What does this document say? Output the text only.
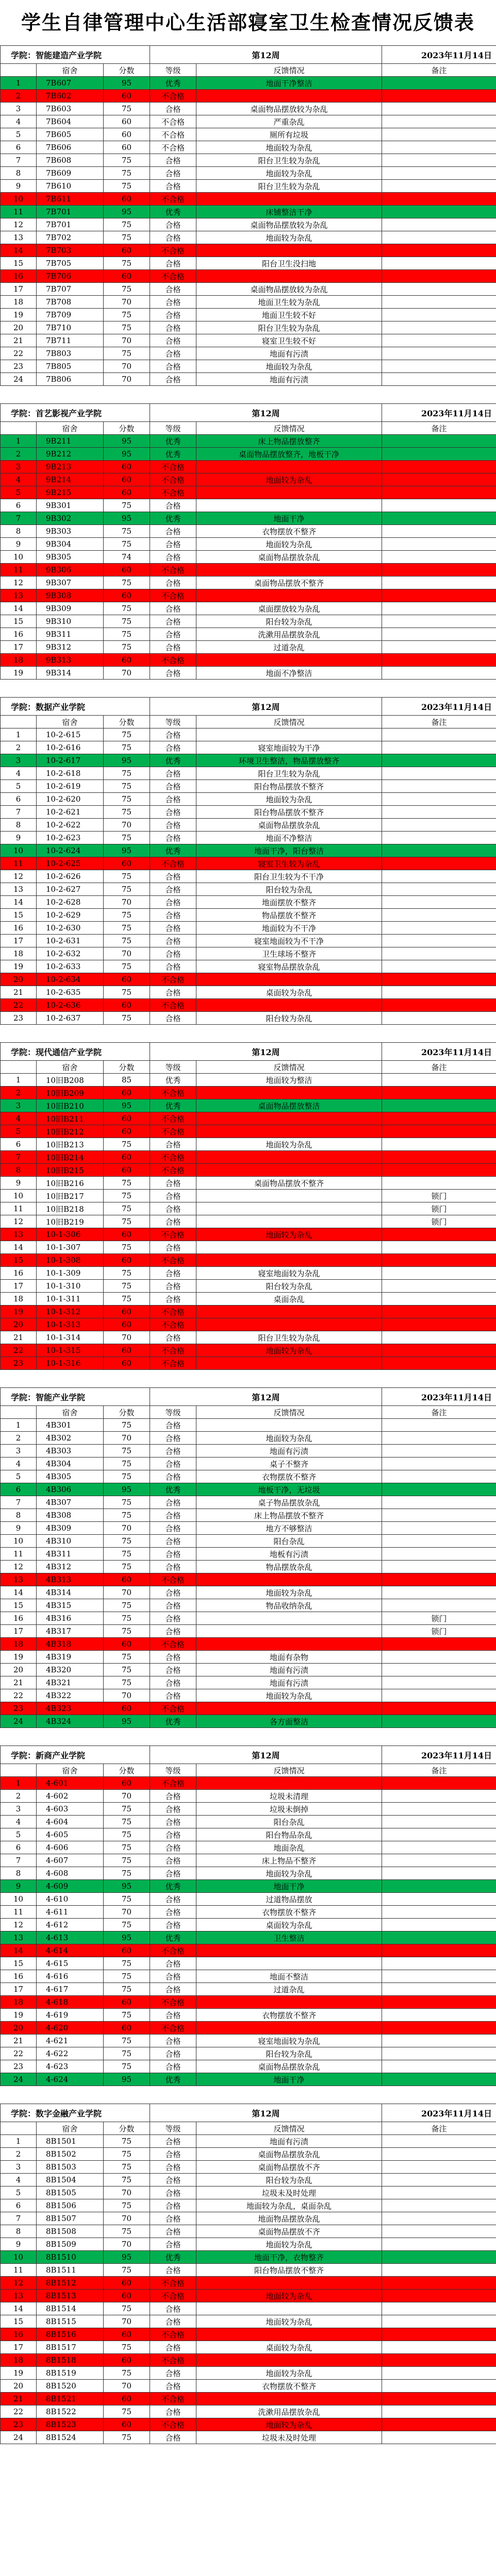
学生自律管理中心生活部寝室卫生检查情况反馈表
学院：智能建造产业学院			第12周		2023年11月14日
	宿舍	分数	等级	反馈情况	备注
1	7B607	95	优秀	地面干净整洁	
2	7B602	60	不合格		
3	7B603	75	合格	桌面物品摆放较为杂乱	
4	7B604	60	不合格	严重杂乱	
5	7B605	60	不合格	厕所有垃圾	
6	7B606	60	不合格	地面较为杂乱	
7	7B608	75	合格	阳台卫生较为杂乱	
8	7B609	75	合格	地面较为杂乱	
9	7B610	75	合格	阳台卫生较为杂乱	
10	7B611	60	不合格		
11	7B701	95	优秀	床铺整洁干净	
12	7B701	75	合格	桌面物品摆放较为杂乱	
13	7B702	75	合格	地面较为杂乱	
14	7B703	60	不合格		
15	7B705	75	合格	阳台卫生没扫地	
16	7B706	60	不合格		
17	7B707	75	合格	桌面物品摆放较为杂乱	
18	7B708	70	合格	地面卫生较为杂乱	
19	7B709	75	合格	地面卫生较不好	
20	7B710	75	合格	阳台卫生较为杂乱	
21	7B711	70	合格	寝室卫生较不好	
22	7B803	75	合格	地面有污渍	
23	7B805	70	合格	地面较为杂乱	
24	7B806	70	合格	地面有污渍	
学院：首艺影视产业学院			第12周		2023年11月14日
	宿舍	分数	等级	反馈情况	备注
1	9B211	95	优秀	床上物品摆放整齐	
2	9B212	95	优秀	桌面物品摆放整齐，地板干净	
3	9B213	60	不合格		
4	9B214	60	不合格	地面较为杂乱	
5	9B215	60	不合格		
6	9B301	75	合格		
7	9B302	95	优秀	地面干净	
8	9B303	75	合格	衣物摆放不整齐	
9	9B304	75	合格	地面较为杂乱	
10	9B305	74	合格	桌面物品摆放杂乱	
11	9B306	60	不合格		
12	9B307	75	合格	桌面物品摆放不整齐	
13	9B308	60	不合格		
14	9B309	75	合格	桌面摆放较为杂乱	
15	9B310	75	合格	阳台较为杂乱	
16	9B311	75	合格	洗漱用品摆放杂乱	
17	9B312	75	合格	过道杂乱	
18	9B313	60	不合格		
19	9B314	70	合格	地面不净整洁	
学院：数据产业学院			第12周		2023年11月14日
	宿舍	分数	等级	反馈情况	备注
1	10-2-615	75	合格		
2	10-2-616	75	合格	寝室地面较为干净	
3	10-2-617	95	优秀	环境卫生整洁，物品摆放整齐	
4	10-2-618	75	合格	阳台卫生较为杂乱	
5	10-2-619	75	合格	阳台物品摆放不整齐	
6	10-2-620	75	合格	地面较为杂乱	
7	10-2-621	75	合格	阳台物品摆放不整齐	
8	10-2-622	70	合格	桌面物品摆放杂乱	
9	10-2-623	75	合格	地面不净整洁	
10	10-2-624	95	优秀	地面干净，阳台整洁	
11	10-2-625	60	不合格	寝室卫生较为杂乱	
12	10-2-626	75	合格	阳台卫生较为不干净	
13	10-2-627	75	合格	阳台较为杂乱	
14	10-2-628	70	合格	地面摆放不整齐	
15	10-2-629	75	合格	物品摆放不整齐	
16	10-2-630	75	合格	地面较为不干净	
17	10-2-631	75	合格	寝室地面较为不干净	
18	10-2-632	70	合格	卫生球场不整齐	
19	10-2-633	75	合格	寝室物品摆放杂乱	
20	10-2-634	60	不合格		
21	10-2-635	75	合格	桌面较为杂乱	
22	10-2-636	60	不合格		
23	10-2-637	75	合格	阳台较为杂乱	
学院：现代通信产业学院			第12周		2023年11月14日
	宿舍	分数	等级	反馈情况	备注
1	10旧B208	85	优秀	地面较为整洁	
2	10旧B209	60	不合格		
3	10旧B210	95	优秀	桌面物品摆放整洁	
4	10旧B211	60	不合格		
5	10旧B212	60	不合格		
6	10旧B213	75	合格	地面较为杂乱	
7	10旧B214	60	不合格		
8	10旧B215	60	不合格		
9	10旧B216	75	合格	桌面物品摆放不整齐	
10	10旧B217	75	合格		锁门
11	10旧B218	75	合格		锁门
12	10旧B219	75	合格		锁门
13	10-1-306	60	不合格	地面较为杂乱	
14	10-1-307	75	合格		
15	10-1-308	60	不合格		
16	10-1-309	75	合格	寝室地面较为杂乱	
17	10-1-310	75	合格	阳台较为杂乱	
18	10-1-311	75	合格	桌面杂乱	
19	10-1-312	60	不合格		
20	10-1-313	60	不合格		
21	10-1-314	70	合格	阳台卫生较为杂乱	
22	10-1-315	60	不合格	地面较为杂乱	
23	10-1-316	60	不合格		
学院：智能产业学院			第12周		2023年11月14日
	宿舍	分数	等级	反馈情况	备注
1	4B301	75	合格		
2	4B302	70	合格	地面较为杂乱	
3	4B303	75	合格	地面有污渍	
4	4B304	75	合格	桌子不整齐	
5	4B305	75	合格	衣物摆放不整齐	
6	4B306	95	优秀	地板干净，无垃圾	
7	4B307	75	合格	桌子物品摆放杂乱	
8	4B308	75	合格	床上物品摆放不整齐	
9	4B309	70	合格	地方不够整洁	
10	4B310	75	合格	阳台杂乱	
11	4B311	75	合格	地板有污渍	
12	4B312	75	合格	物品摆放杂乱	
13	4B313	60	不合格		
14	4B314	70	合格	地面较为杂乱	
15	4B315	75	合格	物品收纳杂乱	
16	4B316	75	合格		锁门
17	4B317	75	合格		锁门
18	4B318	60	不合格		
19	4B319	75	合格	地面有杂物	
20	4B320	75	合格	地面有污渍	
21	4B321	75	合格	地面有污渍	
22	4B322	70	合格	地面较为杂乱	
23	4B323	60	不合格		
24	4B324	95	优秀	各方面整洁	
学院：新商产业学院			第12周		2023年11月14日
	宿舍	分数	等级	反馈情况	备注
1	4-601	60	不合格		
2	4-602	70	合格	垃圾未清理	
3	4-603	75	合格	垃圾未倒掉	
4	4-604	75	合格	阳台杂乱	
5	4-605	75	合格	阳台物品杂乱	
6	4-606	75	合格	地面杂乱	
7	4-607	75	合格	床上物品不整齐	
8	4-608	75	合格	地面较为杂乱	
9	4-609	95	优秀	地面干净	
10	4-610	75	合格	过道物品摆放	
11	4-611	70	合格	衣物摆放不整齐	
12	4-612	75	合格	桌面较为杂乱	
13	4-613	95	优秀	卫生整洁	
14	4-614	60	不合格		
15	4-615	75	合格		
16	4-616	75	合格	地面不整洁	
17	4-617	75	合格	过道杂乱	
18	4-618	60	不合格		
19	4-619	75	合格	衣物摆放不整齐	
20	4-620	60	不合格		
21	4-621	75	合格	寝室地面较为杂乱	
22	4-622	75	合格	阳台较为杂乱	
23	4-623	75	合格	桌面物品摆放杂乱	
24	4-624	95	优秀	地面干净	
学院：数字金融产业学院			第12周		2023年11月14日
	宿舍	分数	等级	反馈情况	备注
1	8B1501	75	合格	地面有污渍	
2	8B1502	75	合格	桌面物品摆放杂乱	
3	8B1503	75	合格	桌面物品摆放不齐	
4	8B1504	75	合格	阳台较为杂乱	
5	8B1505	70	合格	垃圾未及时处理	
6	8B1506	75	合格	地面较为杂乱，桌面杂乱	
7	8B1507	70	合格	地面物品摆放杂乱	
8	8B1508	75	合格	桌面物品摆放不齐	
9	8B1509	70	合格	地面较为杂乱	
10	8B1510	95	优秀	地面干净，衣物整齐	
11	8B1511	75	合格	阳台物品摆放不整齐	
12	8B1512	60	不合格		
13	8B1513	60	不合格	地面较为杂乱	
14	8B1514	75	合格		
15	8B1515	70	合格	地面较为杂乱	
16	8B1516	60	不合格		
17	8B1517	75	合格	桌面较为杂乱	
18	8B1518	60	不合格		
19	8B1519	75	合格	地面较为杂乱	
20	8B1520	70	合格	衣物摆放不整齐	
21	8B1521	60	不合格		
22	8B1522	75	合格	洗漱用品摆放杂乱	
23	8B1523	60	不合格	地面较为杂乱	
24	8B1524	75	合格	垃圾未及时处理	
